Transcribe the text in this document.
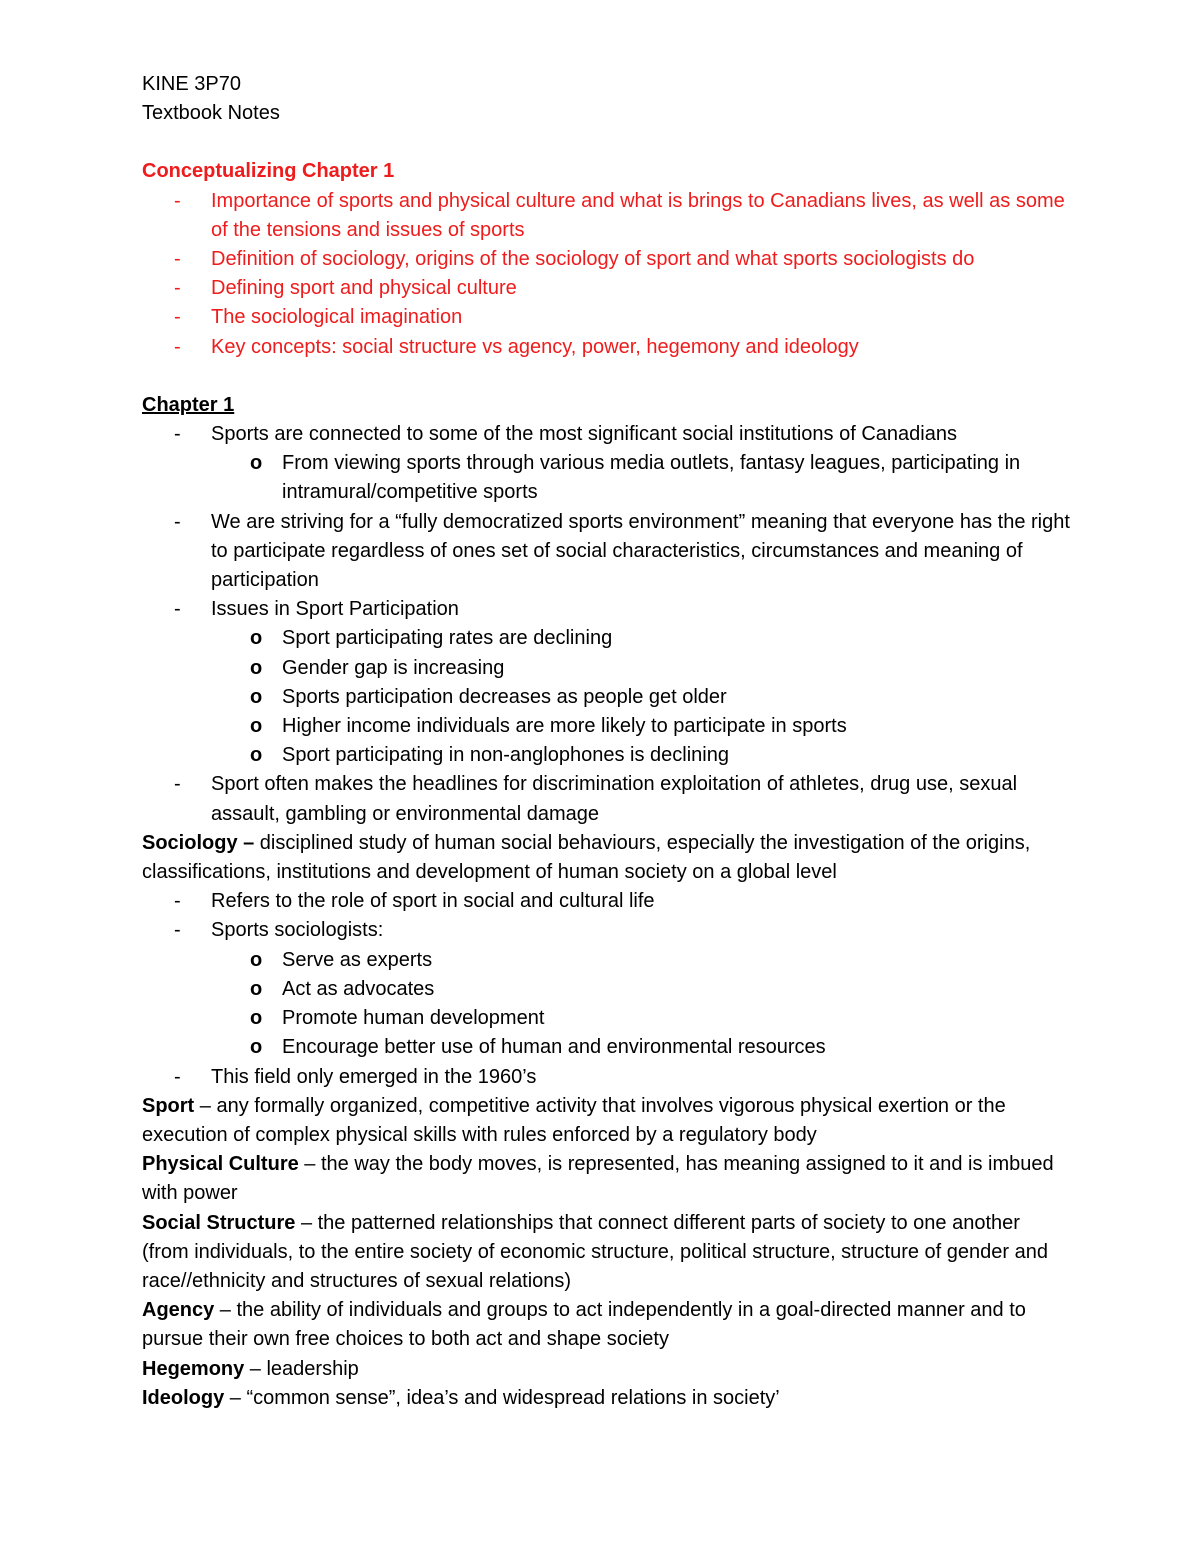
KINE 3P70

Textbook Notes

Conceptualizing Chapter 1

-	Importance of sports and physical culture and what is brings to Canadians lives, as well as some of the tensions and issues of sports

-	Definition of sociology, origins of the sociology of sport and what sports sociologists do

-	Defining sport and physical culture

-	The sociological imagination

-	Key concepts: social structure vs agency, power, hegemony and ideology

Chapter 1

-	Sports are connected to some of the most significant social institutions of Canadians

o From viewing sports through various media outlets, fantasy leagues, participating in intramural/competitive sports

-	We are striving for a “fully democratized sports environment” meaning that everyone has the right to participate regardless of ones set of social characteristics, circumstances and meaning of participation

-	Issues in Sport Participation

o Sport participating rates are declining

o Gender gap is increasing

o Sports participation decreases as people get older

o Higher income individuals are more likely to participate in sports

o Sport participating in non-anglophones is declining

-	Sport often makes the headlines for discrimination exploitation of athletes, drug use, sexual assault, gambling or environmental damage

Sociology – disciplined study of human social behaviours, especially the investigation of the origins, classifications, institutions and development of human society on a global level

-	Refers to the role of sport in social and cultural life

-	Sports sociologists:

o Serve as experts

o Act as advocates

o Promote human development

o Encourage better use of human and environmental resources

-	This field only emerged in the 1960’s

Sport – any formally organized, competitive activity that involves vigorous physical exertion or the execution of complex physical skills with rules enforced by a regulatory body

Physical Culture – the way the body moves, is represented, has meaning assigned to it and is imbued with power

Social Structure – the patterned relationships that connect different parts of society to one another (from individuals, to the entire society of economic structure, political structure, structure of gender and race//ethnicity and structures of sexual relations)

Agency – the ability of individuals and groups to act independently in a goal-directed manner and to pursue their own free choices to both act and shape society

Hegemony – leadership

Ideology – “common sense”, idea’s and widespread relations in society’
